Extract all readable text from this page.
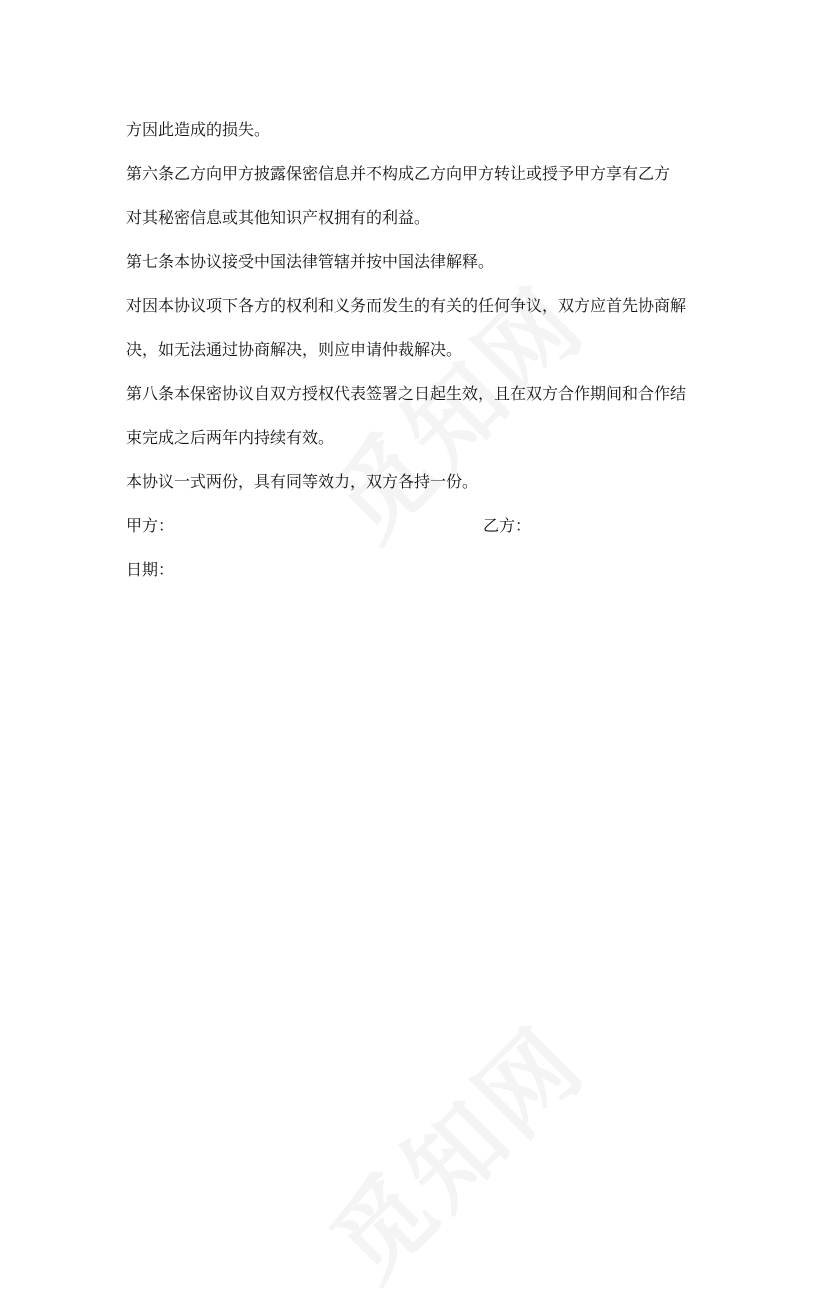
方因此造成的损失。
第六条乙方向甲方披露保密信息并不构成乙方向甲方转让或授予甲方享有乙方
对其秘密信息或其他知识产权拥有的利益。
第七条本协议接受中国法律管辖并按中国法律解释。
对因本协议项下各方的权利和义务而发生的有关的任何争议，双方应首先协商解
决，如无法通过协商解决，则应申请仲裁解决。
第八条本保密协议自双方授权代表签署之日起生效，且在双方合作期间和合作结
束完成之后两年内持续有效。
本协议一式两份，具有同等效力，双方各持一份。
甲方：	乙方：
日期：
